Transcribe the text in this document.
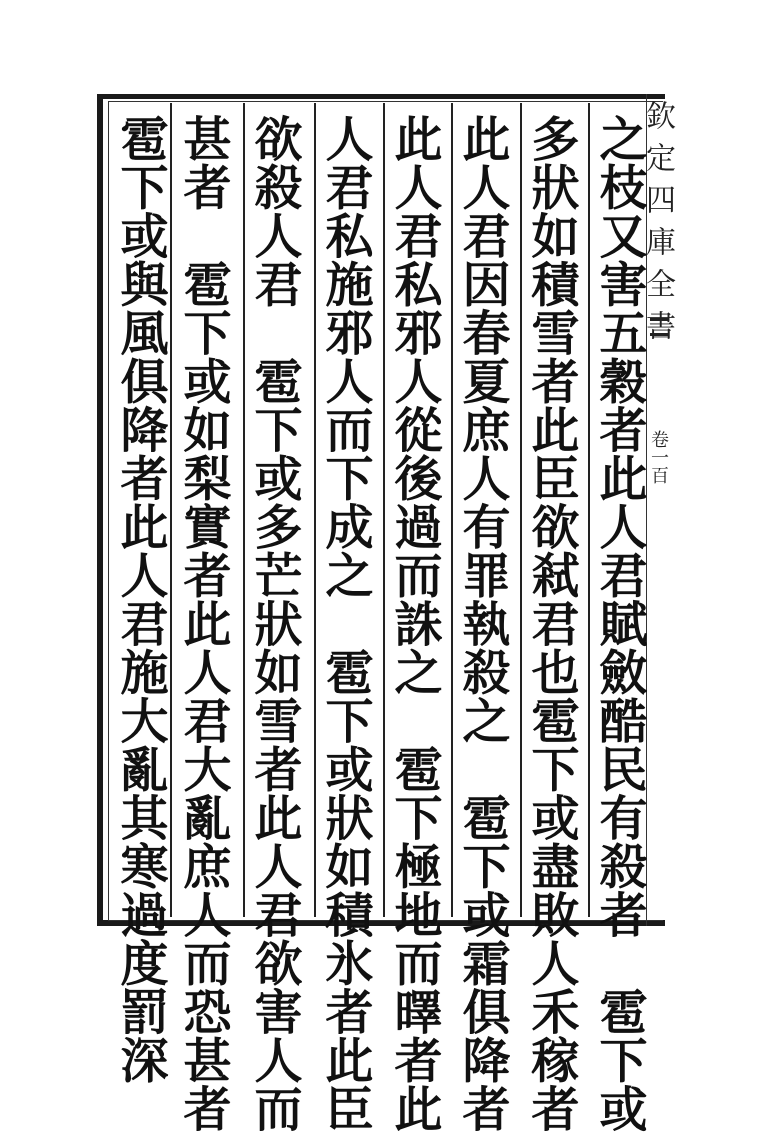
欽定四庫全書
卷一百
之枝又害五穀者此人君賦斂酷民有殺者　雹下或
多狀如積雪者此臣欲弒君也雹下或盡敗人禾稼者
此人君因春夏庶人有罪執殺之　雹下或霜俱降者
此人君私邪人從後過而誅之　雹下極地而曎者此
人君私施邪人而下成之　雹下或狀如積氷者此臣
欲殺人君　雹下或多芒狀如雪者此人君欲害人而
甚者　雹下或如梨實者此人君大亂庶人而恐甚者
雹下或與風俱降者此人君施大亂其寒過度罰深
